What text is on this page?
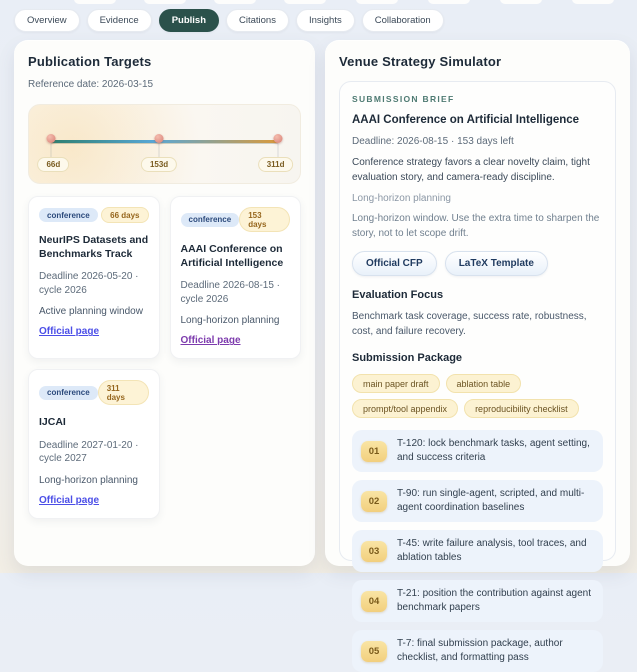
Overview	Evidence	Publish	Citations	Insights	Collaboration
Publication Targets
Reference date: 2026-03-15
66d	153d	311d
conference	66 days
NeurIPS Datasets and Benchmarks Track
Deadline 2026-05-20 · cycle 2026
Active planning window
Official page
conference	153 days
AAAI Conference on Artificial Intelligence
Deadline 2026-08-15 · cycle 2026
Long-horizon planning
Official page
conference	311 days
IJCAI
Deadline 2027-01-20 · cycle 2027
Long-horizon planning
Official page
Venue Strategy Simulator
SUBMISSION BRIEF
AAAI Conference on Artificial Intelligence
Deadline: 2026-08-15 · 153 days left

Conference strategy favors a clear novelty claim, tight evaluation story, and camera-ready discipline.

Long-horizon planning

Long-horizon window. Use the extra time to sharpen the story, not to let scope drift.

Official CFP	LaTeX Template
Evaluation Focus

Benchmark task coverage, success rate, robustness, cost, and failure recovery.

Submission Package
main paper draft	ablation table
prompt/tool appendix	reproducibility checklist
01
T-120: lock benchmark tasks, agent setting, and success criteria
02
T-90: run single-agent, scripted, and multi-agent coordination baselines
03
T-45: write failure analysis, tool traces, and ablation tables
04
T-21: position the contribution against agent benchmark papers
05
T-7: final submission package, author checklist, and formatting pass
